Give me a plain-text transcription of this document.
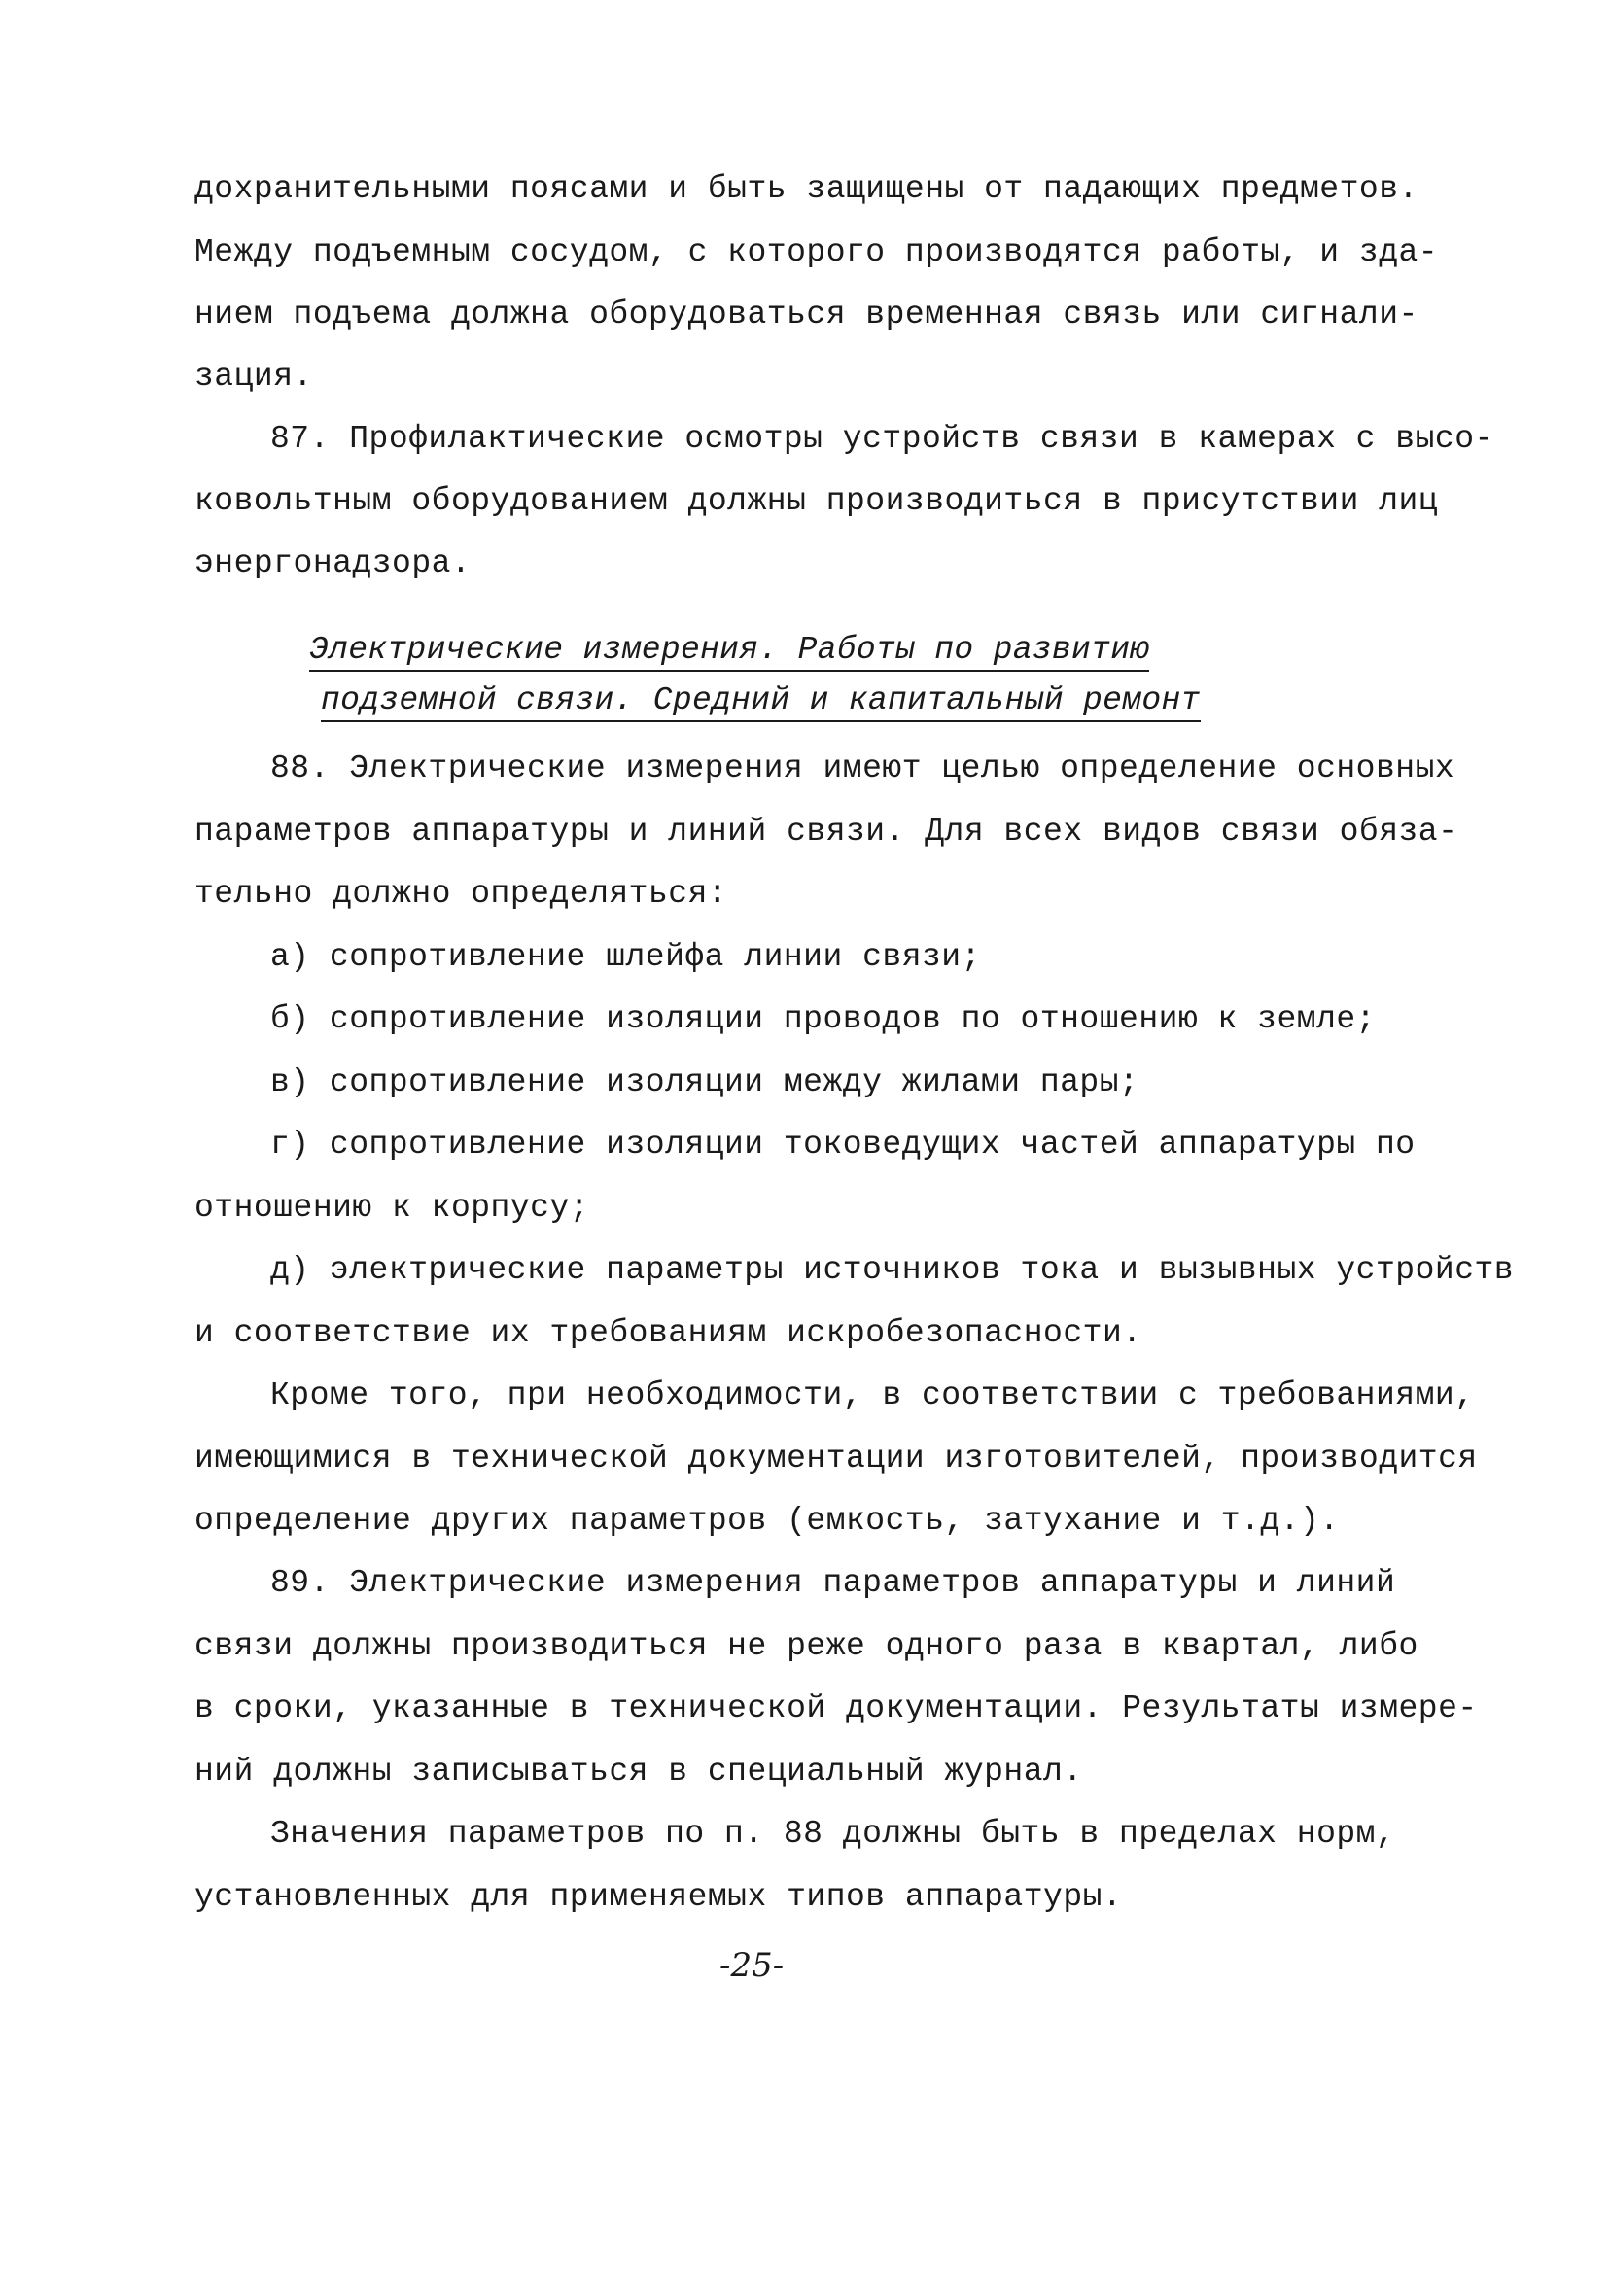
дохранительными поясами и быть защищены от падающих предметов.
Между подъемным сосудом, с которого производятся работы, и зда-
нием подъема должна оборудоваться временная связь или сигнали-
зация.
87. Профилактические осмотры устройств связи в камерах с высо-
ковольтным оборудованием должны производиться в присутствии лиц
энергонадзора.
Электрические измерения. Работы по развитию
подземной связи. Средний и капитальный ремонт
88. Электрические измерения имеют целью определение основных
параметров аппаратуры и линий связи. Для всех видов связи обяза-
тельно должно определяться:
а) сопротивление шлейфа линии связи;
б) сопротивление изоляции проводов по отношению к земле;
в) сопротивление изоляции между жилами пары;
г) сопротивление изоляции токоведущих частей аппаратуры по
отношению к корпусу;
д) электрические параметры источников тока и вызывных устройств
и соответствие их требованиям искробезопасности.
Кроме того, при необходимости, в соответствии с требованиями,
имеющимися в технической документации изготовителей, производится
определение других параметров (емкость, затухание и т.д.).
89. Электрические измерения параметров аппаратуры и линий
связи должны производиться не реже одного раза в квартал, либо
в сроки, указанные в технической документации. Результаты измере-
ний должны записываться в специальный журнал.
Значения параметров по п. 88 должны быть в пределах норм,
установленных для применяемых типов аппаратуры.
-25-
